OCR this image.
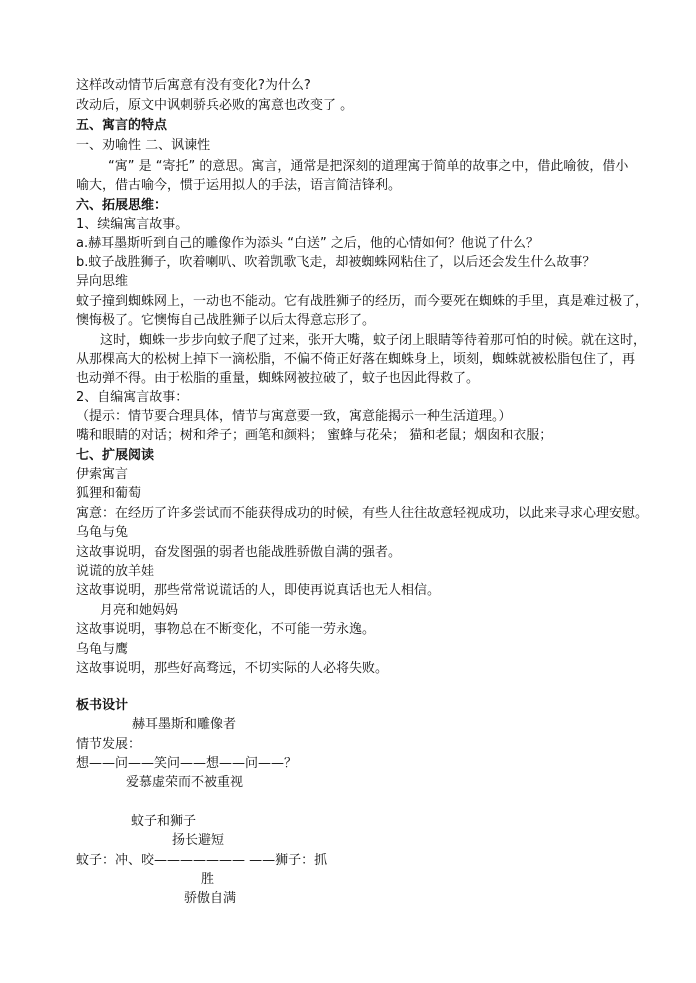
这样改动情节后寓意有没有变化?为什么?
改动后，原文中讽刺骄兵必败的寓意也改变了 。
五、寓言的特点
一、劝喻性 二、讽谏性
“寓” 是 “寄托” 的意思。寓言，通常是把深刻的道理寓于简单的故事之中，借此喻彼，借小
喻大，借古喻今，惯于运用拟人的手法，语言简洁锋利。
六、拓展思维：
1、续编寓言故事。
a.赫耳墨斯听到自己的雕像作为添头 “白送” 之后，他的心情如何？他说了什么？
b.蚊子战胜狮子，吹着喇叭、吹着凯歌飞走，却被蜘蛛网粘住了，以后还会发生什么故事？
异向思维
蚊子撞到蜘蛛网上，一动也不能动。它有战胜狮子的经历，而今要死在蜘蛛的手里，真是难过极了，
懊悔极了。它懊悔自己战胜狮子以后太得意忘形了。
这时，蜘蛛一步步向蚊子爬了过来，张开大嘴，蚊子闭上眼睛等待着那可怕的时候。就在这时，
从那棵高大的松树上掉下一滴松脂，不偏不倚正好落在蜘蛛身上，顷刻，蜘蛛就被松脂包住了，再
也动弹不得。由于松脂的重量，蜘蛛网被拉破了，蚊子也因此得救了。
2、自编寓言故事：
（提示：情节要合理具体，情节与寓意要一致，寓意能揭示一种生活道理。）
嘴和眼睛的对话；树和斧子；画笔和颜料； 蜜蜂与花朵； 猫和老鼠；烟囱和衣服；
七、扩展阅读
伊索寓言
狐狸和葡萄
寓意：在经历了许多尝试而不能获得成功的时候，有些人往往故意轻视成功，以此来寻求心理安慰。
乌龟与兔
这故事说明，奋发图强的弱者也能战胜骄傲自满的强者。
说谎的放羊娃
这故事说明，那些常常说谎话的人，即使再说真话也无人相信。
月亮和她妈妈
这故事说明，事物总在不断变化，不可能一劳永逸。
乌龟与鹰
这故事说明，那些好高骛远，不切实际的人必将失败。
板书设计
赫耳墨斯和雕像者
情节发展：
想——问——笑问——想——问——？
爱慕虚荣而不被重视
蚊子和狮子
扬长避短
蚊子：冲、咬——————— ——狮子：抓
胜
骄傲自满
